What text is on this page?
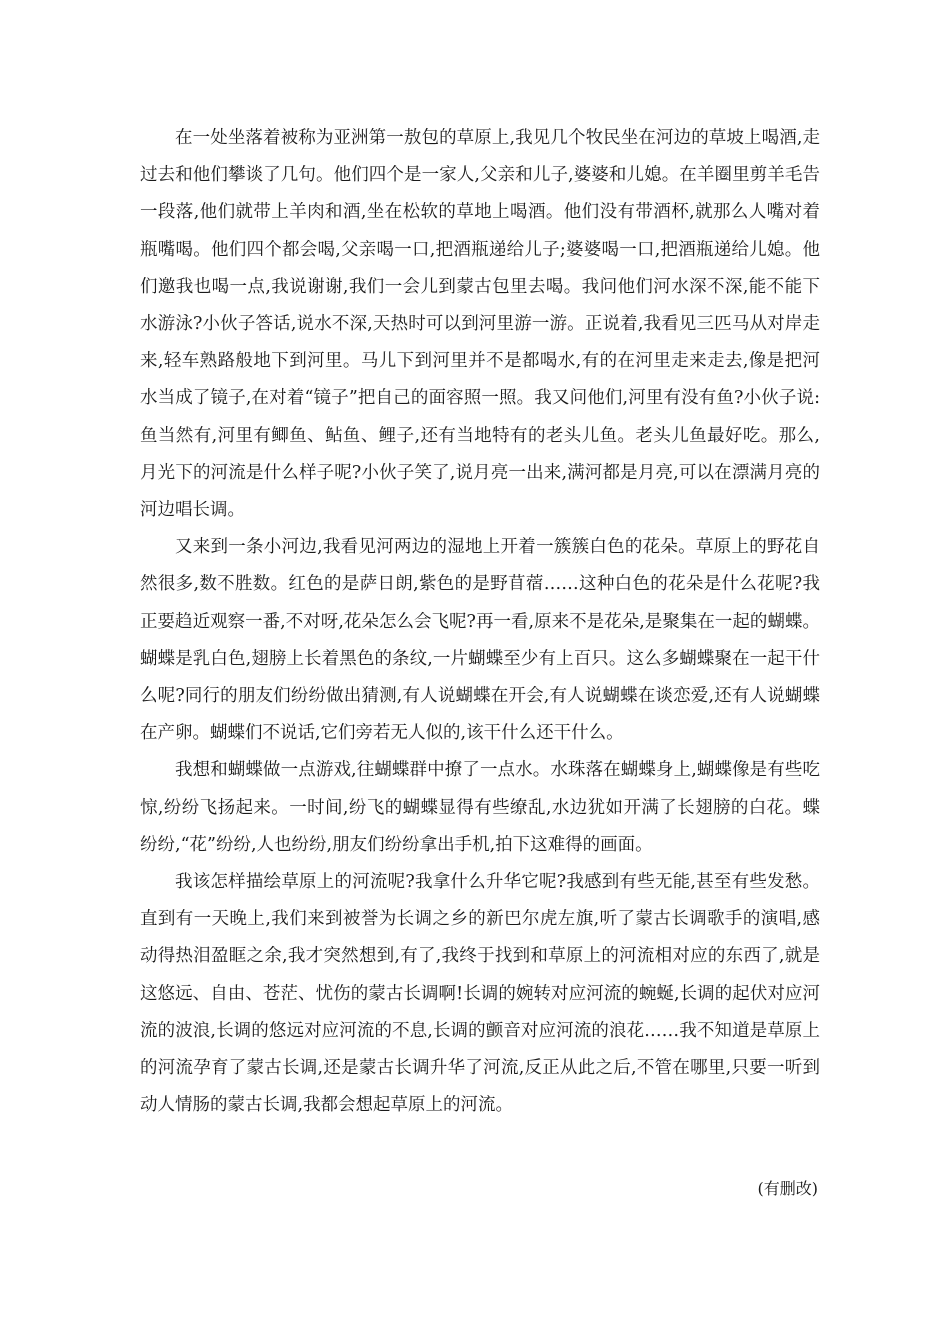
在一处坐落着被称为亚洲第一敖包的草原上,我见几个牧民坐在河边的草坡上喝酒,走过去和他们攀谈了几句。他们四个是一家人,父亲和儿子,婆婆和儿媳。在羊圈里剪羊毛告一段落,他们就带上羊肉和酒,坐在松软的草地上喝酒。他们没有带酒杯,就那么人嘴对着瓶嘴喝。他们四个都会喝,父亲喝一口,把酒瓶递给儿子;婆婆喝一口,把酒瓶递给儿媳。他们邀我也喝一点,我说谢谢,我们一会儿到蒙古包里去喝。我问他们河水深不深,能不能下水游泳?小伙子答话,说水不深,天热时可以到河里游一游。正说着,我看见三匹马从对岸走来,轻车熟路般地下到河里。马儿下到河里并不是都喝水,有的在河里走来走去,像是把河水当成了镜子,在对着“镜子”把自己的面容照一照。我又问他们,河里有没有鱼?小伙子说:鱼当然有,河里有鲫鱼、鲇鱼、鲤子,还有当地特有的老头儿鱼。老头儿鱼最好吃。那么,月光下的河流是什么样子呢?小伙子笑了,说月亮一出来,满河都是月亮,可以在漂满月亮的河边唱长调。

又来到一条小河边,我看见河两边的湿地上开着一簇簇白色的花朵。草原上的野花自然很多,数不胜数。红色的是萨日朗,紫色的是野苜蓿……这种白色的花朵是什么花呢?我正要趋近观察一番,不对呀,花朵怎么会飞呢?再一看,原来不是花朵,是聚集在一起的蝴蝶。蝴蝶是乳白色,翅膀上长着黑色的条纹,一片蝴蝶至少有上百只。这么多蝴蝶聚在一起干什么呢?同行的朋友们纷纷做出猜测,有人说蝴蝶在开会,有人说蝴蝶在谈恋爱,还有人说蝴蝶在产卵。蝴蝶们不说话,它们旁若无人似的,该干什么还干什么。

我想和蝴蝶做一点游戏,往蝴蝶群中撩了一点水。水珠落在蝴蝶身上,蝴蝶像是有些吃惊,纷纷飞扬起来。一时间,纷飞的蝴蝶显得有些缭乱,水边犹如开满了长翅膀的白花。蝶纷纷,“花”纷纷,人也纷纷,朋友们纷纷拿出手机,拍下这难得的画面。

我该怎样描绘草原上的河流呢?我拿什么升华它呢?我感到有些无能,甚至有些发愁。直到有一天晚上,我们来到被誉为长调之乡的新巴尔虎左旗,听了蒙古长调歌手的演唱,感动得热泪盈眶之余,我才突然想到,有了,我终于找到和草原上的河流相对应的东西了,就是这悠远、自由、苍茫、忧伤的蒙古长调啊!长调的婉转对应河流的蜿蜒,长调的起伏对应河流的波浪,长调的悠远对应河流的不息,长调的颤音对应河流的浪花……我不知道是草原上的河流孕育了蒙古长调,还是蒙古长调升华了河流,反正从此之后,不管在哪里,只要一听到动人情肠的蒙古长调,我都会想起草原上的河流。

(有删改)
